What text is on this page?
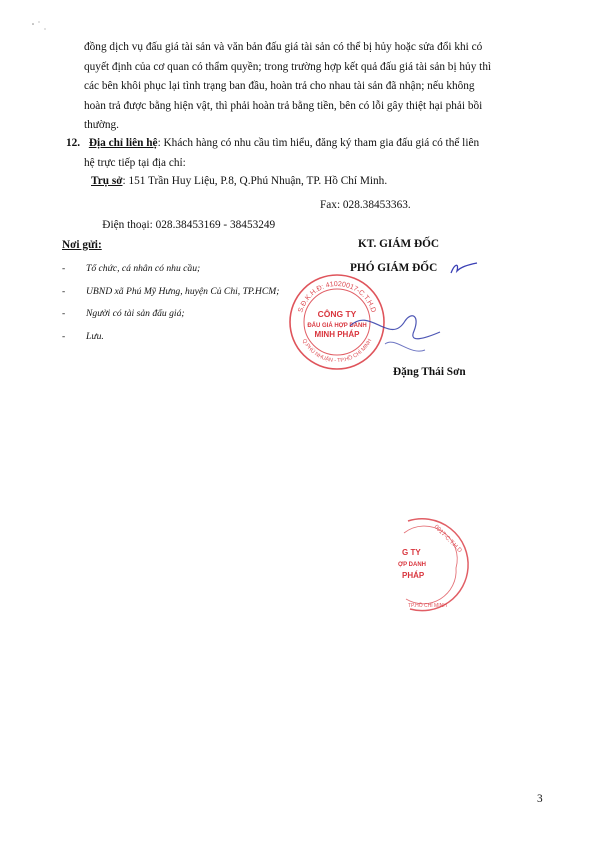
đồng dịch vụ đấu giá tài sản và văn bản đấu giá tài sản có thể bị hủy hoặc sửa đổi khi có
quyết định của cơ quan có thẩm quyền; trong trường hợp kết quả đấu giá tài sản bị hủy thì
các bên khôi phục lại tình trạng ban đầu, hoàn trả cho nhau tài sản đã nhận; nếu không
hoàn trả được bằng hiện vật, thì phải hoàn trả bằng tiền, bên có lỗi gây thiệt hại phải bồi
thường.
12. Địa chỉ liên hệ: Khách hàng có nhu cầu tìm hiểu, đăng ký tham gia đấu giá có thể liên
hệ trực tiếp tại địa chỉ:
Trụ sở: 151 Trần Huy Liệu, P.8, Q.Phú Nhuận, TP. Hồ Chí Minh.

Điện thoại: 028.38453169 - 38453249

Fax: 028.38453363.

Nơi gửi:
- Tổ chức, cá nhân có nhu cầu;
- UBND xã Phú Mỹ Hưng, huyện Củ Chi, TP.HCM;
- Người có tài sản đấu giá;
- Lưu.
KT. GIÁM ĐỐC
PHÓ GIÁM ĐỐC
S.Đ.K.H.Đ: 41020017-C.T.H.D
Q.PHÚ NHUẬN - TP.HỒ CHÍ MINH
CÔNG TY
ĐẤU GIÁ HỢP DANH
MINH PHÁP
Đặng Thái Sơn
0017-C.T.H.D
G TY
ỢP DANH
PHÁP
TP.HỒ CHÍ MINH
3
